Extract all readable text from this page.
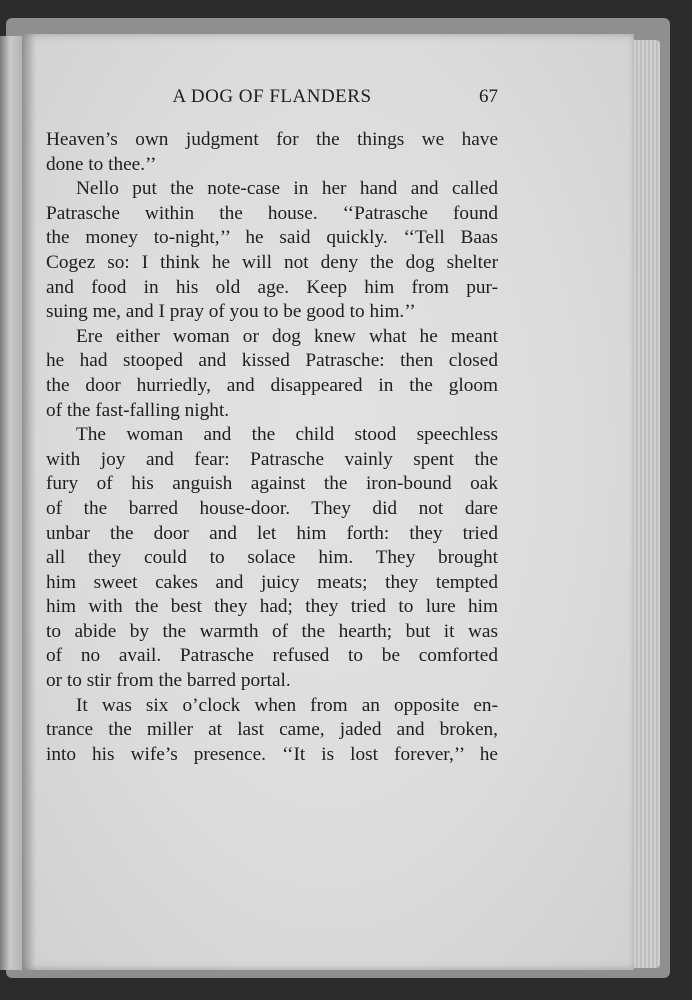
A DOG OF FLANDERS	67
Heaven’s own judgment for the things we have
done to thee.’’
Nello put the note-case in her hand and called
Patrasche within the house. ‘‘Patrasche found
the money to-night,’’ he said quickly. ‘‘Tell Baas
Cogez so: I think he will not deny the dog shelter
and food in his old age. Keep him from pur-
suing me, and I pray of you to be good to him.’’
Ere either woman or dog knew what he meant
he had stooped and kissed Patrasche: then closed
the door hurriedly, and disappeared in the gloom
of the fast-falling night.
The woman and the child stood speechless
with joy and fear: Patrasche vainly spent the
fury of his anguish against the iron-bound oak
of the barred house-door. They did not dare
unbar the door and let him forth: they tried
all they could to solace him. They brought
him sweet cakes and juicy meats; they tempted
him with the best they had; they tried to lure him
to abide by the warmth of the hearth; but it was
of no avail. Patrasche refused to be comforted
or to stir from the barred portal.
It was six o’clock when from an opposite en-
trance the miller at last came, jaded and broken,
into his wife’s presence. ‘‘It is lost forever,’’ he
